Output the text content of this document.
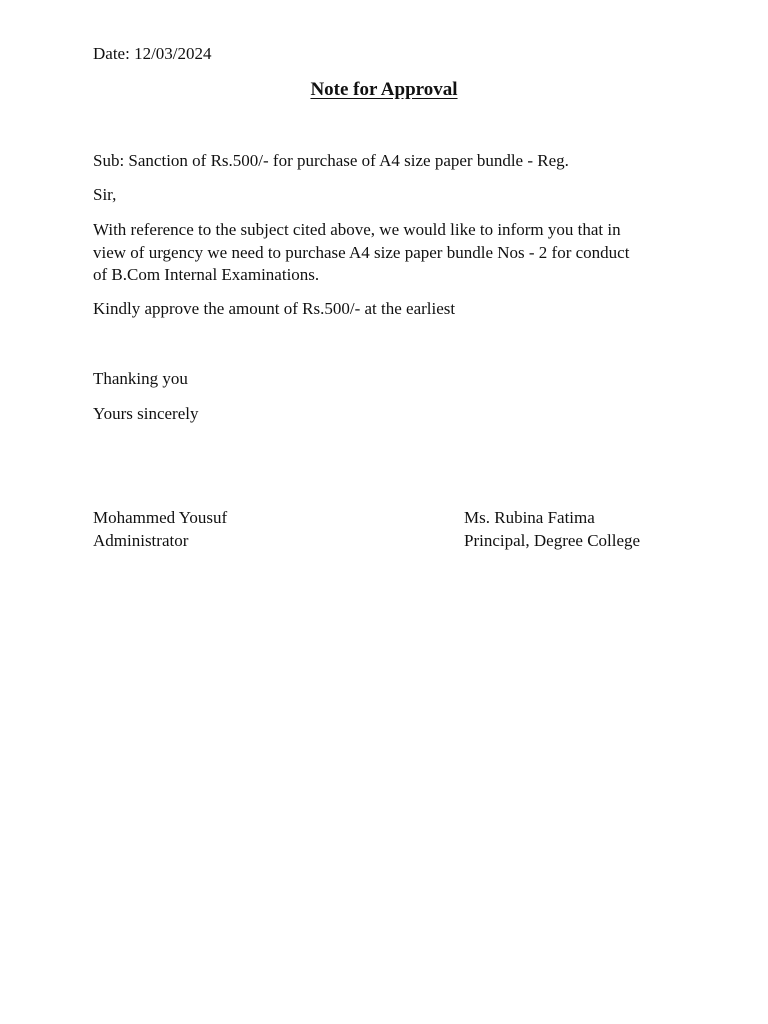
Date: 12/03/2024

Note for Approval

Sub: Sanction of Rs.500/- for purchase of A4 size paper bundle - Reg.

Sir,

With reference to the subject cited above, we would like to inform you that in
view of urgency we need to purchase A4 size paper bundle Nos - 2 for conduct
of B.Com Internal Examinations.

Kindly approve the amount of Rs.500/- at the earliest

Thanking you

Yours sincerely

Mohammed Yousuf
Administrator
Ms. Rubina Fatima
Principal, Degree College
